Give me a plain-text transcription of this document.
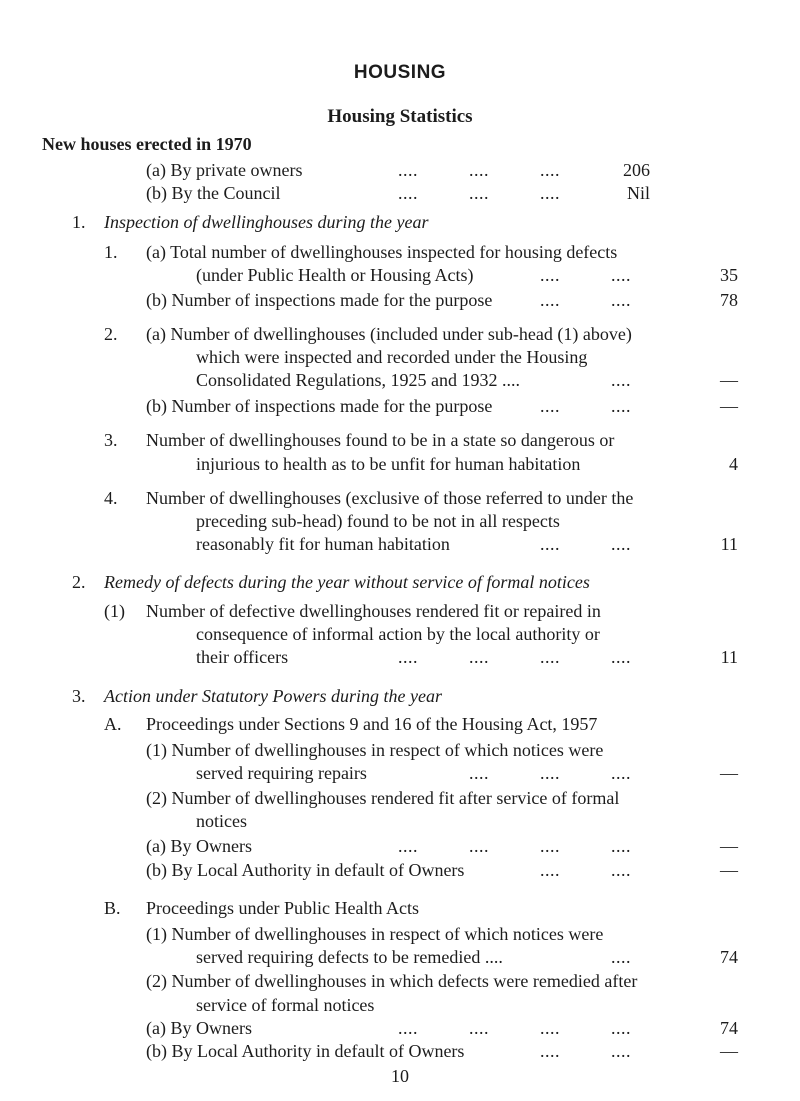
HOUSING
Housing Statistics
New houses erected in 1970
(a) By private owners	....	....	....	206
(b) By the Council	....	....	....	Nil
1. Inspection of dwellinghouses during the year
1. (a) Total number of dwellinghouses inspected for housing defects
(under Public Health or Housing Acts)	....	....	35
(b) Number of inspections made for the purpose	....	....	78
2. (a) Number of dwellinghouses (included under sub-head (1) above)
which were inspected and recorded under the Housing
Consolidated Regulations, 1925 and 1932 ....	....	—
(b) Number of inspections made for the purpose	....	....	—
3. Number of dwellinghouses found to be in a state so dangerous or
injurious to health as to be unfit for human habitation	4
4. Number of dwellinghouses (exclusive of those referred to under the
preceding sub-head) found to be not in all respects
reasonably fit for human habitation	....	....	11
2. Remedy of defects during the year without service of formal notices
(1) Number of defective dwellinghouses rendered fit or repaired in
consequence of informal action by the local authority or
their officers	....	....	....	....	11
3. Action under Statutory Powers during the year
A. Proceedings under Sections 9 and 16 of the Housing Act, 1957
(1) Number of dwellinghouses in respect of which notices were
served requiring repairs	....	....	....	—
(2) Number of dwellinghouses rendered fit after service of formal
notices
(a) By Owners	....	....	....	....	—
(b) By Local Authority in default of Owners	....	....	—
B. Proceedings under Public Health Acts
(1) Number of dwellinghouses in respect of which notices were
served requiring defects to be remedied ....	....	74
(2) Number of dwellinghouses in which defects were remedied after
service of formal notices
(a) By Owners	....	....	....	....	74
(b) By Local Authority in default of Owners	....	....	—
10
